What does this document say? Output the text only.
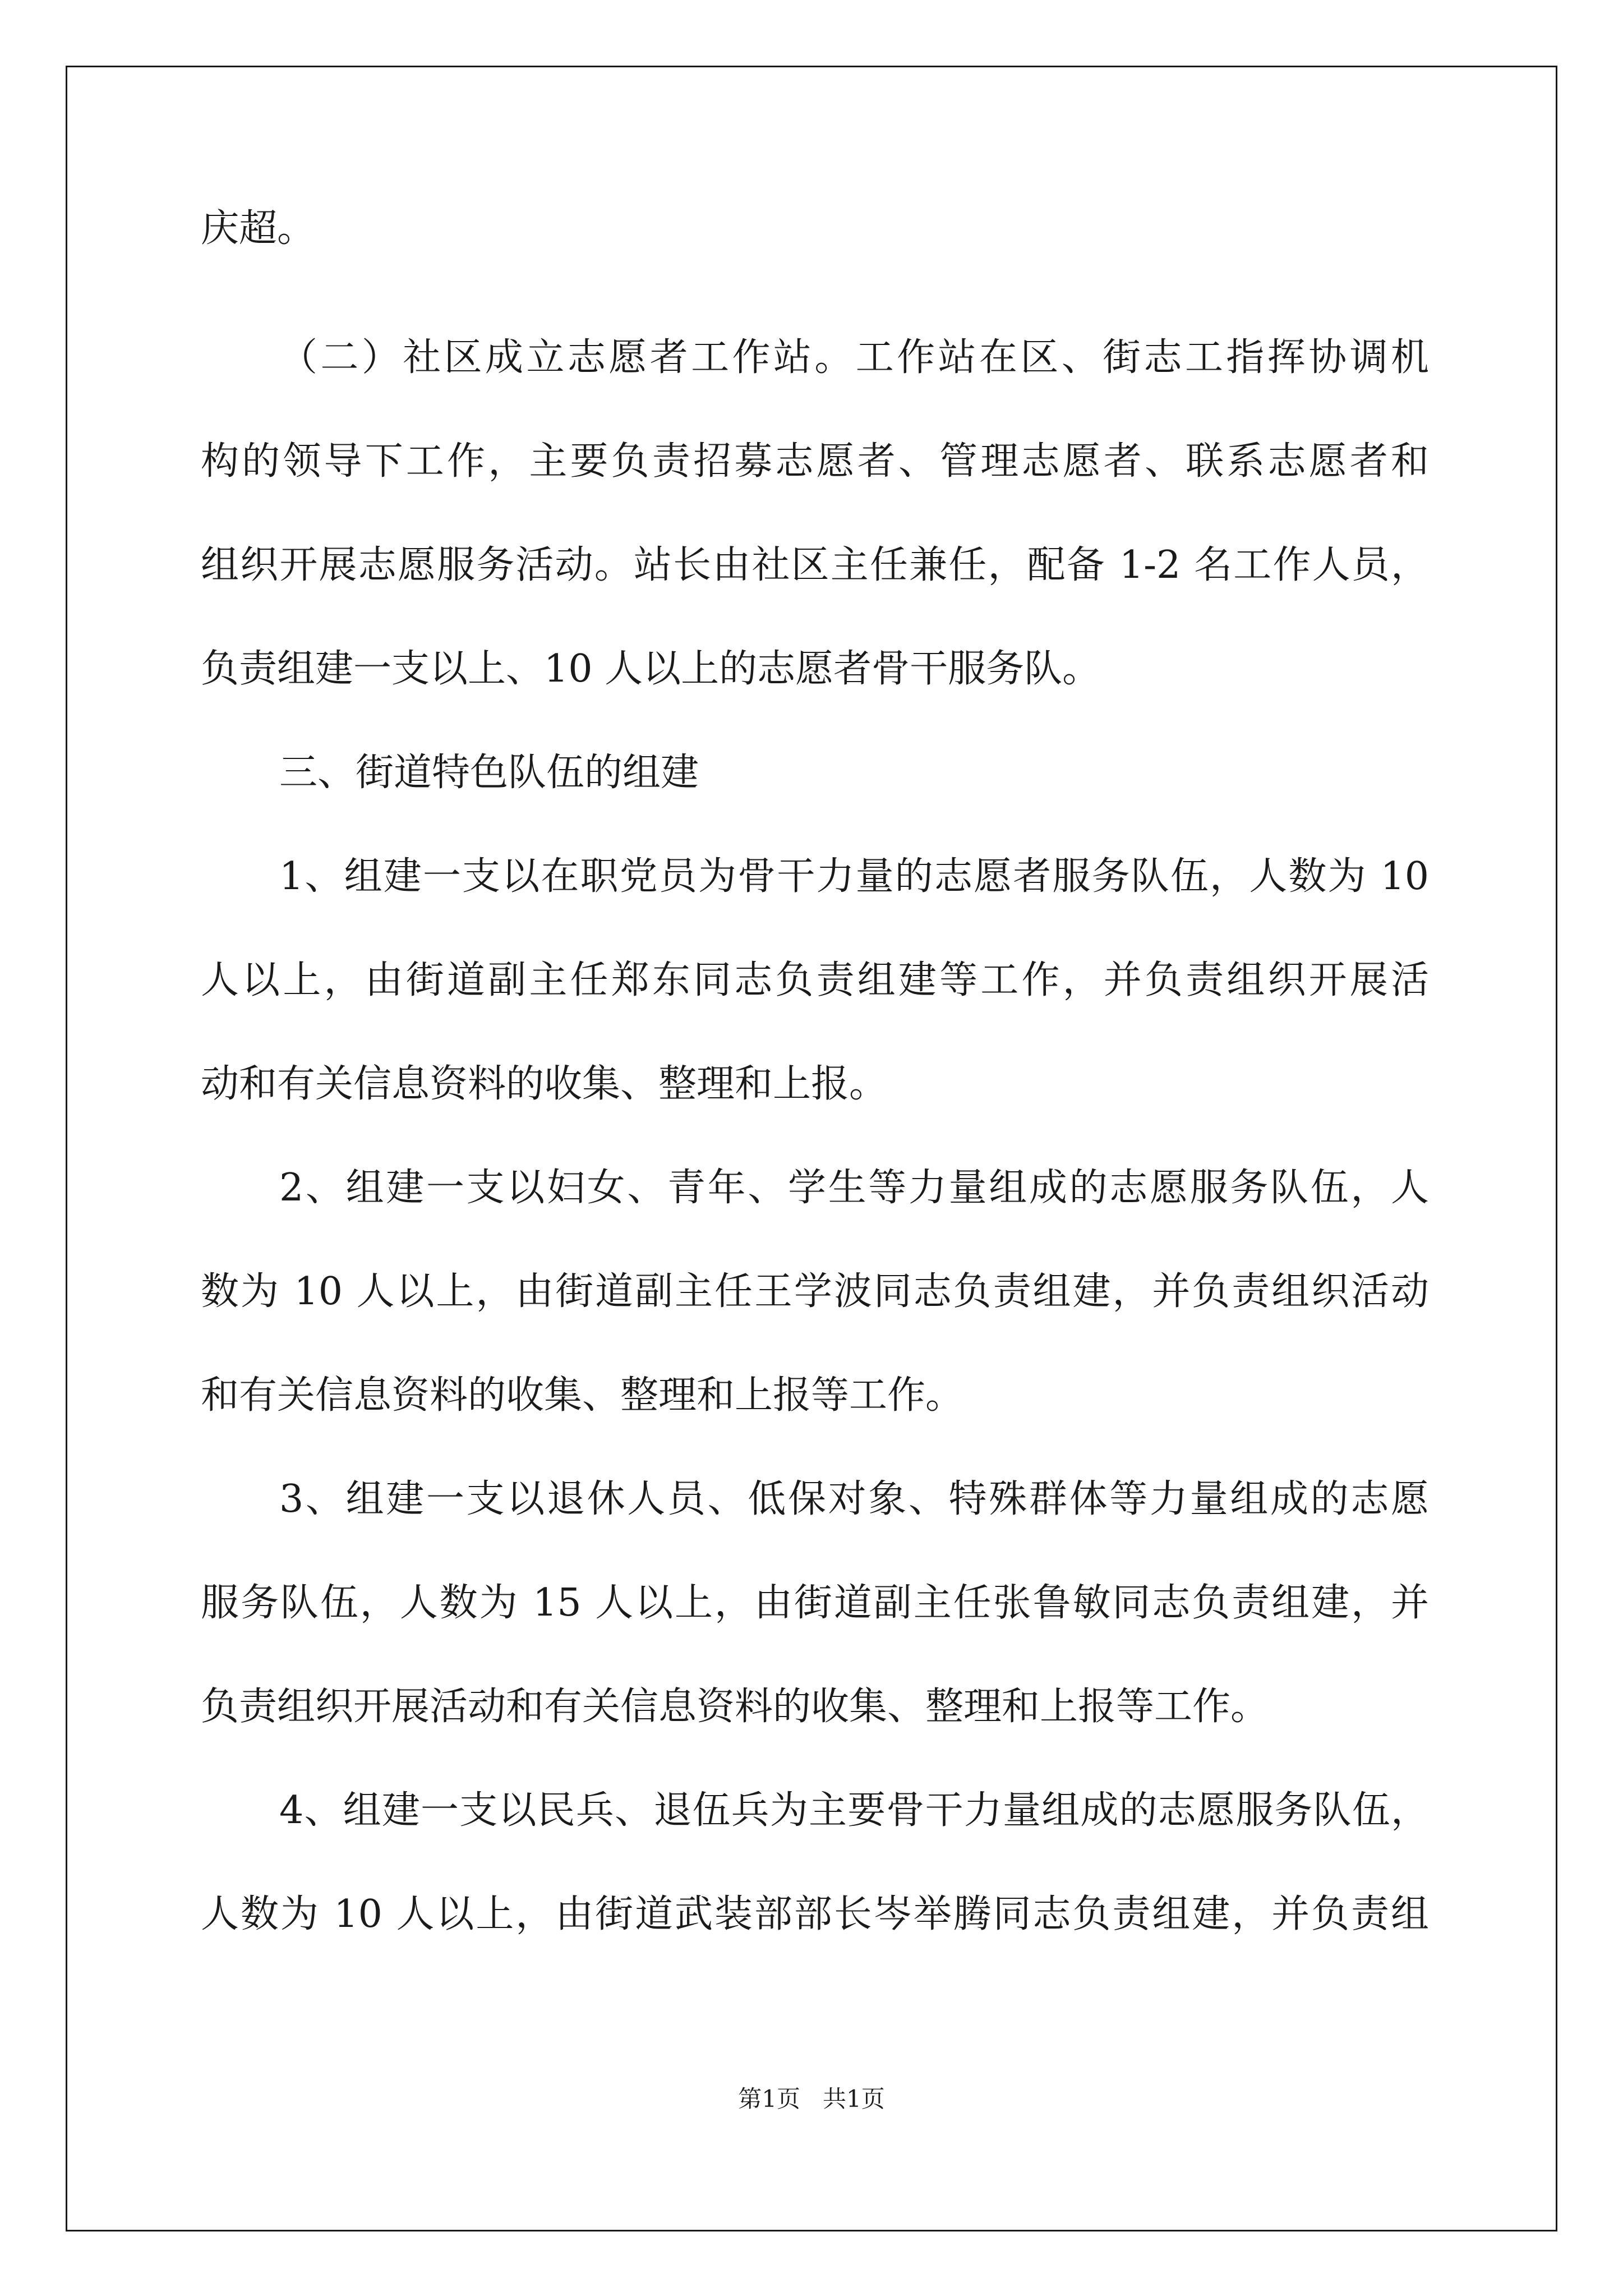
庆超。
（二）社区成立志愿者工作站。工作站在区、街志工指挥协调机
构的领导下工作，主要负责招募志愿者、管理志愿者、联系志愿者和
组织开展志愿服务活动。站长由社区主任兼任，配备 1-2 名工作人员，
负责组建一支以上、10 人以上的志愿者骨干服务队。
三、街道特色队伍的组建
1、组建一支以在职党员为骨干力量的志愿者服务队伍，人数为 10
人以上，由街道副主任郑东同志负责组建等工作，并负责组织开展活
动和有关信息资料的收集、整理和上报。
2、组建一支以妇女、青年、学生等力量组成的志愿服务队伍，人
数为 10 人以上，由街道副主任王学波同志负责组建，并负责组织活动
和有关信息资料的收集、整理和上报等工作。
3、组建一支以退休人员、低保对象、特殊群体等力量组成的志愿
服务队伍，人数为 15 人以上，由街道副主任张鲁敏同志负责组建，并
负责组织开展活动和有关信息资料的收集、整理和上报等工作。
4、组建一支以民兵、退伍兵为主要骨干力量组成的志愿服务队伍，
人数为 10 人以上，由街道武装部部长岑举腾同志负责组建，并负责组
第1页   共1页
